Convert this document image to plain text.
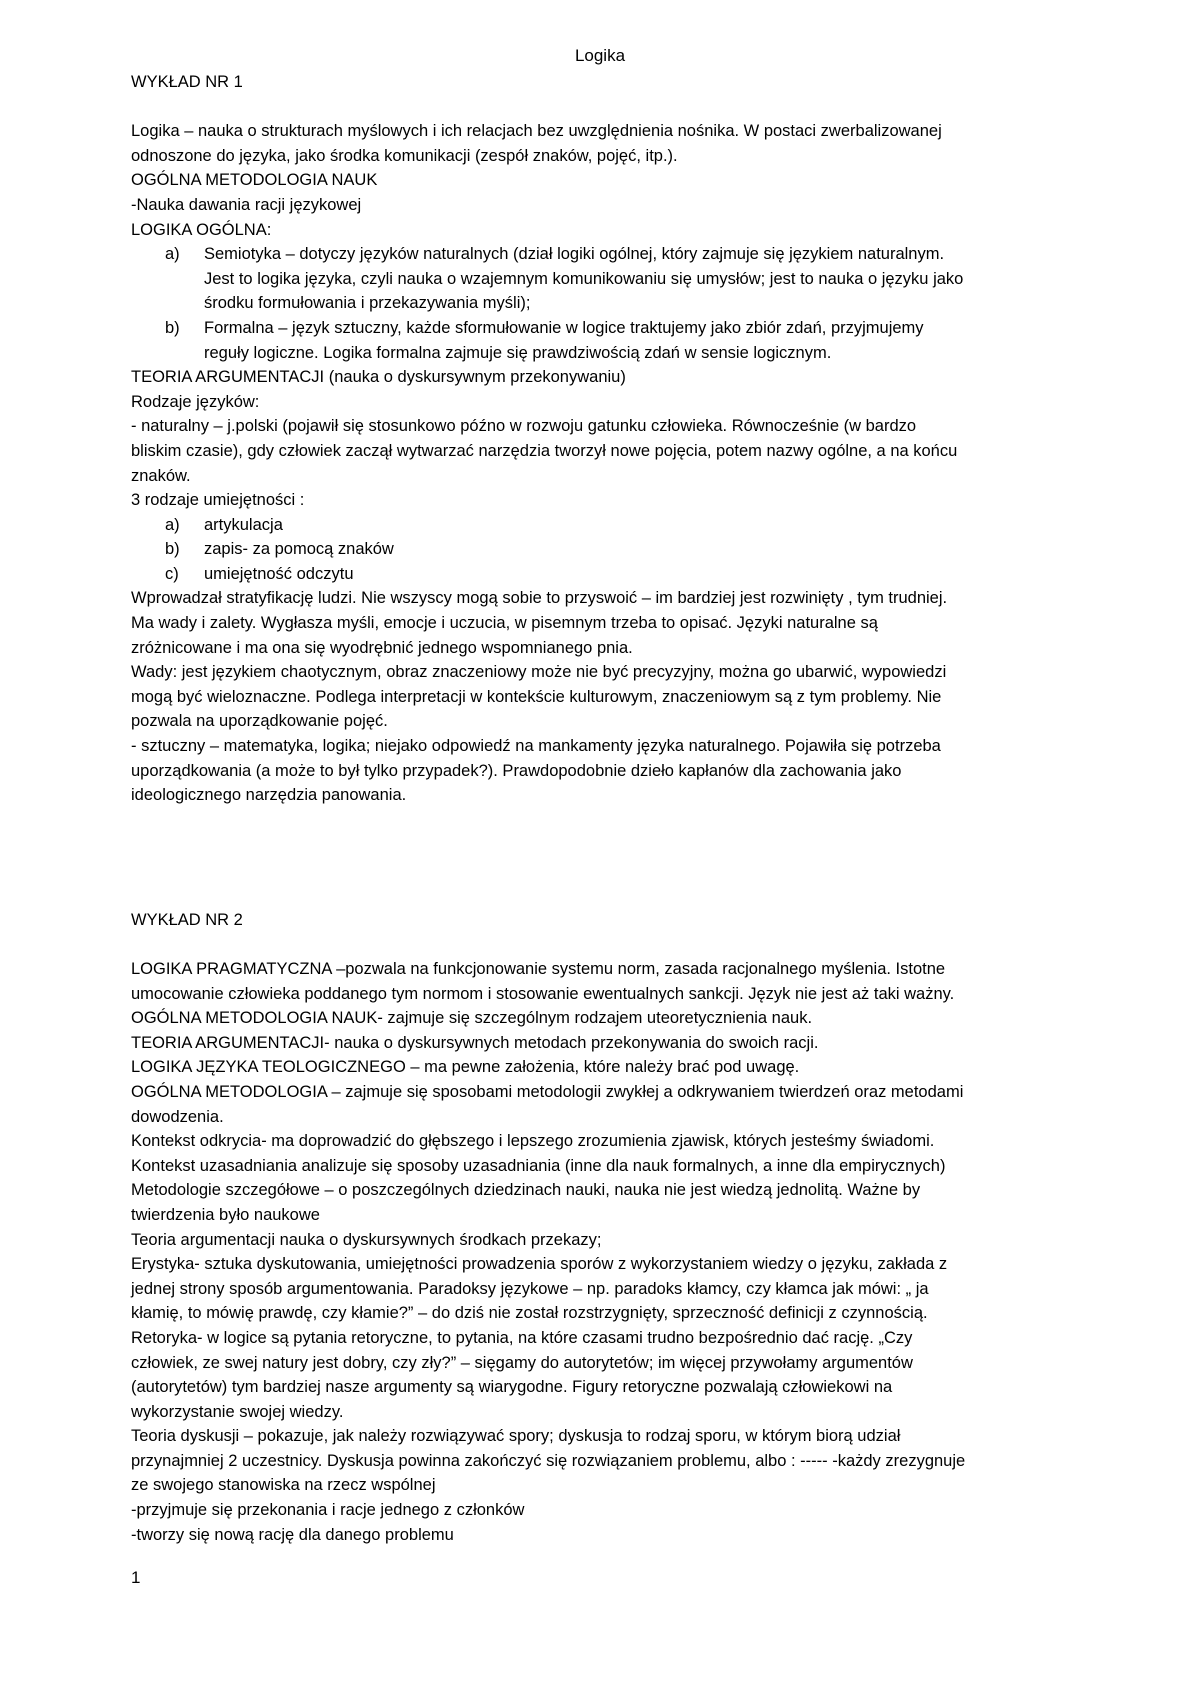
Logika
WYKŁAD NR 1
Logika – nauka o strukturach myślowych i ich relacjach bez uwzględnienia nośnika. W postaci zwerbalizowanej
odnoszone do języka, jako środka komunikacji (zespół znaków, pojęć, itp.).
OGÓLNA METODOLOGIA NAUK
-Nauka dawania racji językowej
LOGIKA OGÓLNA:
a) Semiotyka – dotyczy języków naturalnych (dział logiki ogólnej, który zajmuje się językiem naturalnym.
Jest to logika języka, czyli nauka o wzajemnym komunikowaniu się umysłów; jest to nauka o języku jako
środku formułowania i przekazywania myśli);
b) Formalna – język sztuczny, każde sformułowanie w logice traktujemy jako zbiór zdań, przyjmujemy
reguły logiczne. Logika formalna zajmuje się prawdziwością zdań w sensie logicznym.
TEORIA ARGUMENTACJI (nauka o dyskursywnym przekonywaniu)
Rodzaje języków:
- naturalny – j.polski (pojawił się stosunkowo późno w rozwoju gatunku człowieka. Równocześnie (w bardzo
bliskim czasie), gdy człowiek zaczął wytwarzać narzędzia tworzył nowe pojęcia, potem nazwy ogólne, a na końcu
znaków.
3 rodzaje umiejętności :
a) artykulacja
b) zapis- za pomocą znaków
c) umiejętność odczytu
Wprowadzał stratyfikację ludzi. Nie wszyscy mogą sobie to przyswoić – im bardziej jest rozwinięty , tym trudniej.
Ma wady i zalety. Wygłasza myśli, emocje i uczucia, w pisemnym trzeba to opisać. Języki naturalne są
zróżnicowane i ma ona się wyodrębnić jednego wspomnianego pnia.
Wady: jest językiem chaotycznym, obraz znaczeniowy może nie być precyzyjny, można go ubarwić, wypowiedzi
mogą być wieloznaczne. Podlega interpretacji w kontekście kulturowym, znaczeniowym są z tym problemy. Nie
pozwala na uporządkowanie pojęć.
- sztuczny – matematyka, logika; niejako odpowiedź na mankamenty języka naturalnego. Pojawiła się potrzeba
uporządkowania (a może to był tylko przypadek?). Prawdopodobnie dzieło kapłanów dla zachowania jako
ideologicznego narzędzia panowania.
WYKŁAD NR 2
LOGIKA PRAGMATYCZNA –pozwala na funkcjonowanie systemu norm, zasada racjonalnego myślenia. Istotne
umocowanie człowieka poddanego tym normom i stosowanie ewentualnych sankcji. Język nie jest aż taki ważny.
OGÓLNA METODOLOGIA NAUK- zajmuje się szczególnym rodzajem uteoretycznienia nauk.
TEORIA ARGUMENTACJI- nauka o dyskursywnych metodach przekonywania do swoich racji.
LOGIKA JĘZYKA TEOLOGICZNEGO – ma pewne założenia, które należy brać pod uwagę.
OGÓLNA METODOLOGIA – zajmuje się sposobami metodologii zwykłej a odkrywaniem twierdzeń oraz metodami
dowodzenia.
Kontekst odkrycia- ma doprowadzić do głębszego i lepszego zrozumienia zjawisk, których jesteśmy świadomi.
Kontekst uzasadniania analizuje się sposoby uzasadniania (inne dla nauk formalnych, a inne dla empirycznych)
Metodologie szczegółowe – o poszczególnych dziedzinach nauki, nauka nie jest wiedzą jednolitą. Ważne by
twierdzenia było naukowe
Teoria argumentacji nauka o dyskursywnych środkach przekazy;
Erystyka- sztuka dyskutowania, umiejętności prowadzenia sporów z wykorzystaniem wiedzy o języku, zakłada z
jednej strony sposób argumentowania. Paradoksy językowe – np. paradoks kłamcy, czy kłamca jak mówi: „ ja
kłamię, to mówię prawdę, czy kłamie?” – do dziś nie został rozstrzygnięty, sprzeczność definicji z czynnością.
Retoryka- w logice są pytania retoryczne, to pytania, na które czasami trudno bezpośrednio dać rację. „Czy
człowiek, ze swej natury jest dobry, czy zły?” – sięgamy do autorytetów; im więcej przywołamy argumentów
(autorytetów) tym bardziej nasze argumenty są wiarygodne. Figury retoryczne pozwalają człowiekowi na
wykorzystanie swojej wiedzy.
Teoria dyskusji – pokazuje, jak należy rozwiązywać spory; dyskusja to rodzaj sporu, w którym biorą udział
przynajmniej 2 uczestnicy. Dyskusja powinna zakończyć się rozwiązaniem problemu, albo : ----- -każdy zrezygnuje
ze swojego stanowiska na rzecz wspólnej
-przyjmuje się przekonania i racje jednego z członków
-tworzy się nową rację dla danego problemu
1
